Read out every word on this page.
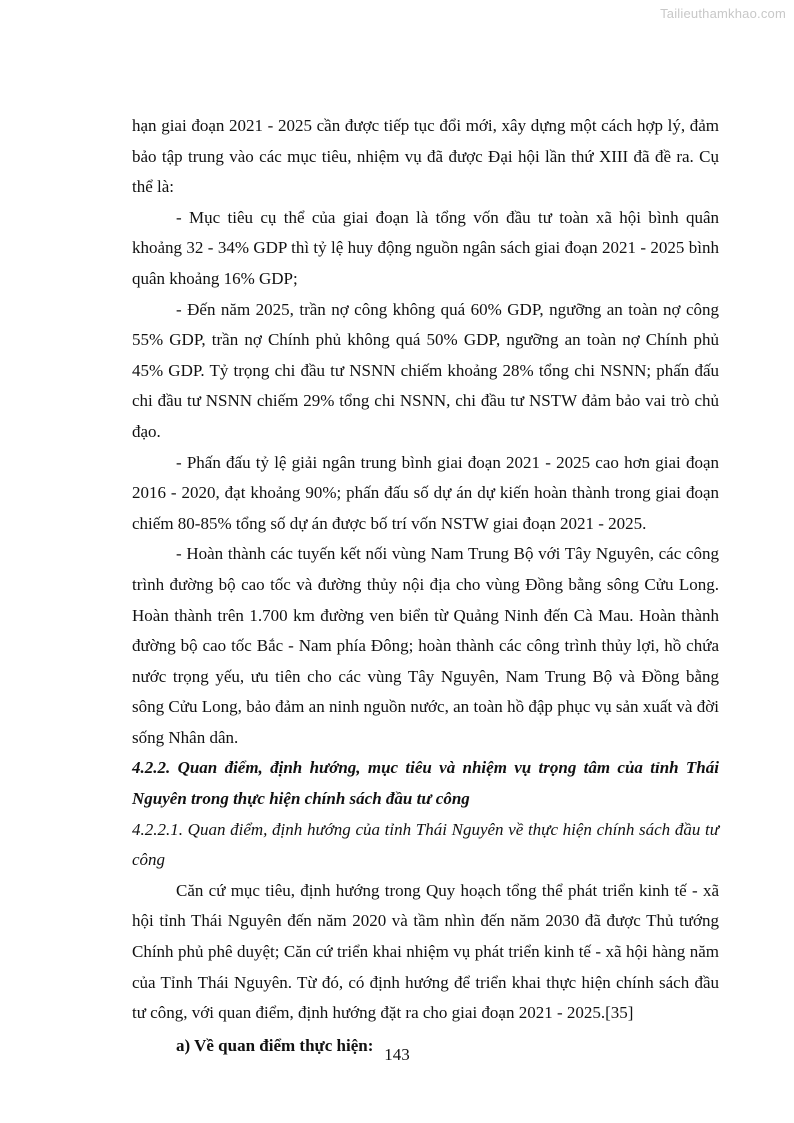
Tailieuthamkhao.com

hạn giai đoạn 2021 - 2025 cần được tiếp tục đổi mới, xây dựng một cách hợp lý, đảm bảo tập trung vào các mục tiêu, nhiệm vụ đã được Đại hội lần thứ XIII đã đề ra. Cụ thể là:

- Mục tiêu cụ thể của giai đoạn là tổng vốn đầu tư toàn xã hội bình quân khoảng 32 - 34% GDP thì tỷ lệ huy động nguồn ngân sách giai đoạn 2021 - 2025 bình quân khoảng 16% GDP;

- Đến năm 2025, trần nợ công không quá 60% GDP, ngưỡng an toàn nợ công 55% GDP, trần nợ Chính phủ không quá 50% GDP, ngưỡng an toàn nợ Chính phủ 45% GDP. Tỷ trọng chi đầu tư NSNN chiếm khoảng 28% tổng chi NSNN; phấn đấu chi đầu tư NSNN chiếm 29% tổng chi NSNN, chi đầu tư NSTW đảm bảo vai trò chủ đạo.

- Phấn đấu tỷ lệ giải ngân trung bình giai đoạn 2021 - 2025 cao hơn giai đoạn 2016 - 2020, đạt khoảng 90%; phấn đấu số dự án dự kiến hoàn thành trong giai đoạn chiếm 80-85% tổng số dự án được bố trí vốn NSTW giai đoạn 2021 - 2025.

- Hoàn thành các tuyến kết nối vùng Nam Trung Bộ với Tây Nguyên, các công trình đường bộ cao tốc và đường thủy nội địa cho vùng Đồng bằng sông Cửu Long. Hoàn thành trên 1.700 km đường ven biển từ Quảng Ninh đến Cà Mau. Hoàn thành đường bộ cao tốc Bắc - Nam phía Đông; hoàn thành các công trình thủy lợi, hồ chứa nước trọng yếu, ưu tiên cho các vùng Tây Nguyên, Nam Trung Bộ và Đồng bằng sông Cửu Long, bảo đảm an ninh nguồn nước, an toàn hồ đập phục vụ sản xuất và đời sống Nhân dân.

4.2.2. Quan điểm, định hướng, mục tiêu và nhiệm vụ trọng tâm của tỉnh Thái Nguyên trong thực hiện chính sách đầu tư công

4.2.2.1. Quan điểm, định hướng của tỉnh Thái Nguyên về thực hiện chính sách đầu tư công

Căn cứ mục tiêu, định hướng trong Quy hoạch tổng thể phát triển kinh tế - xã hội tỉnh Thái Nguyên đến năm 2020 và tầm nhìn đến năm 2030 đã được Thủ tướng Chính phủ phê duyệt; Căn cứ triển khai nhiệm vụ phát triển kinh tế - xã hội hàng năm của Tỉnh Thái Nguyên. Từ đó, có định hướng để triển khai thực hiện chính sách đầu tư công, với quan điểm, định hướng đặt ra cho giai đoạn 2021 - 2025.[35]

a) Về quan điểm thực hiện: 143
